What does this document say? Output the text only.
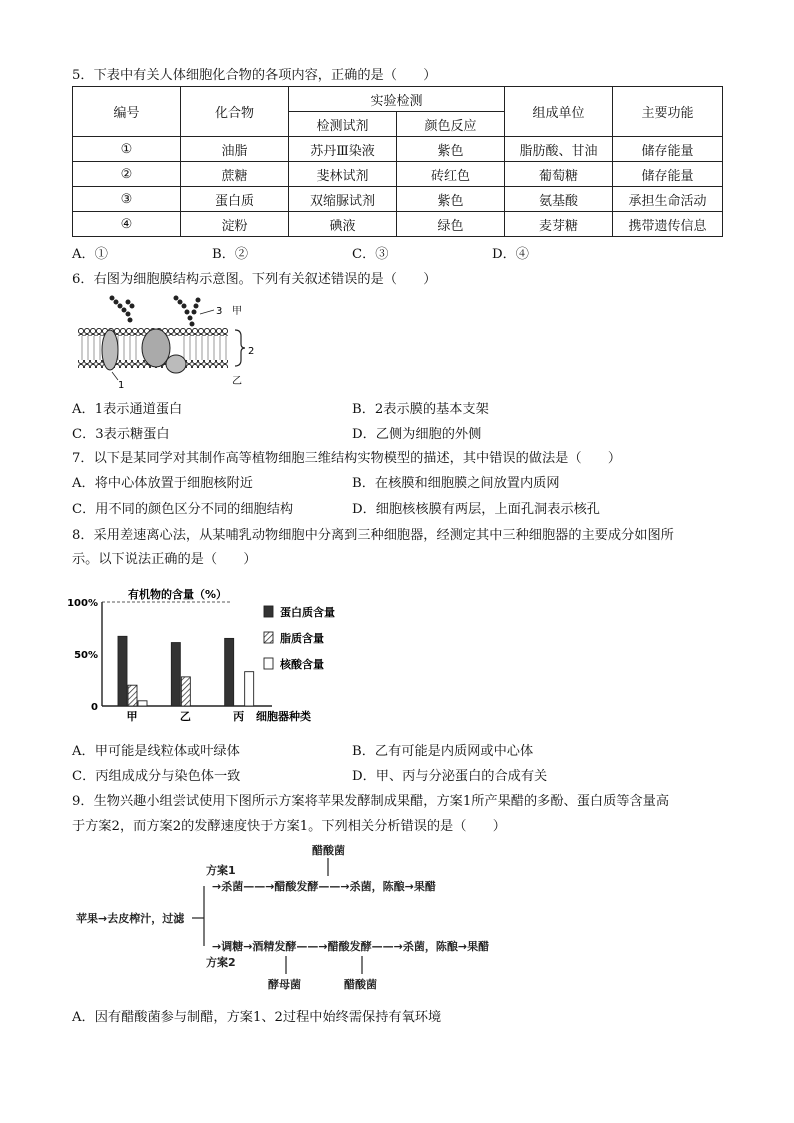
5．下表中有关人体细胞化合物的各项内容，正确的是（　　）
编号	化合物	实验检测		组成单位	主要功能
		检测试剂	颜色反应		
①	油脂	苏丹Ⅲ染液	紫色	脂肪酸、甘油	储存能量
②	蔗糖	斐林试剂	砖红色	葡萄糖	储存能量
③	蛋白质	双缩脲试剂	紫色	氨基酸	承担生命活动
④	淀粉	碘液	绿色	麦芽糖	携带遗传信息
A．①	B．②	C．③	D．④
6．右图为细胞膜结构示意图。下列有关叙述错误的是（　　）
3 甲
2
1	乙
A．1表示通道蛋白	B．2表示膜的基本支架
C．3表示糖蛋白	D．乙侧为细胞的外侧
7．以下是某同学对其制作高等植物细胞三维结构实物模型的描述，其中错误的做法是（　　）
A．将中心体放置于细胞核附近	B．在核膜和细胞膜之间放置内质网
C．用不同的颜色区分不同的细胞结构	D．细胞核核膜有两层，上面孔洞表示核孔
8．采用差速离心法，从某哺乳动物细胞中分离到三种细胞器，经测定其中三种细胞器的主要成分如图所
示。以下说法正确的是（　　）
有机物的含量（%）
0
50%
100%
甲	乙	丙
蛋白质含量
脂质含量
核酸含量
细胞器种类
A．甲可能是线粒体或叶绿体	B．乙有可能是内质网或中心体
C．丙组成成分与染色体一致	D．甲、丙与分泌蛋白的合成有关
9．生物兴趣小组尝试使用下图所示方案将苹果发酵制成果醋，方案1所产果醋的多酚、蛋白质等含量高
于方案2，而方案2的发酵速度快于方案1。下列相关分析错误的是（　　）
苹果→去皮榨汁，过滤
方案1
方案2
→杀菌——→醋酸发酵——→杀菌，陈酿→果醋
→调糖→酒精发酵——→醋酸发酵——→杀菌，陈酿→果醋
醋酸菌
酵母菌	醋酸菌
A．因有醋酸菌参与制醋，方案1、2过程中始终需保持有氧环境
